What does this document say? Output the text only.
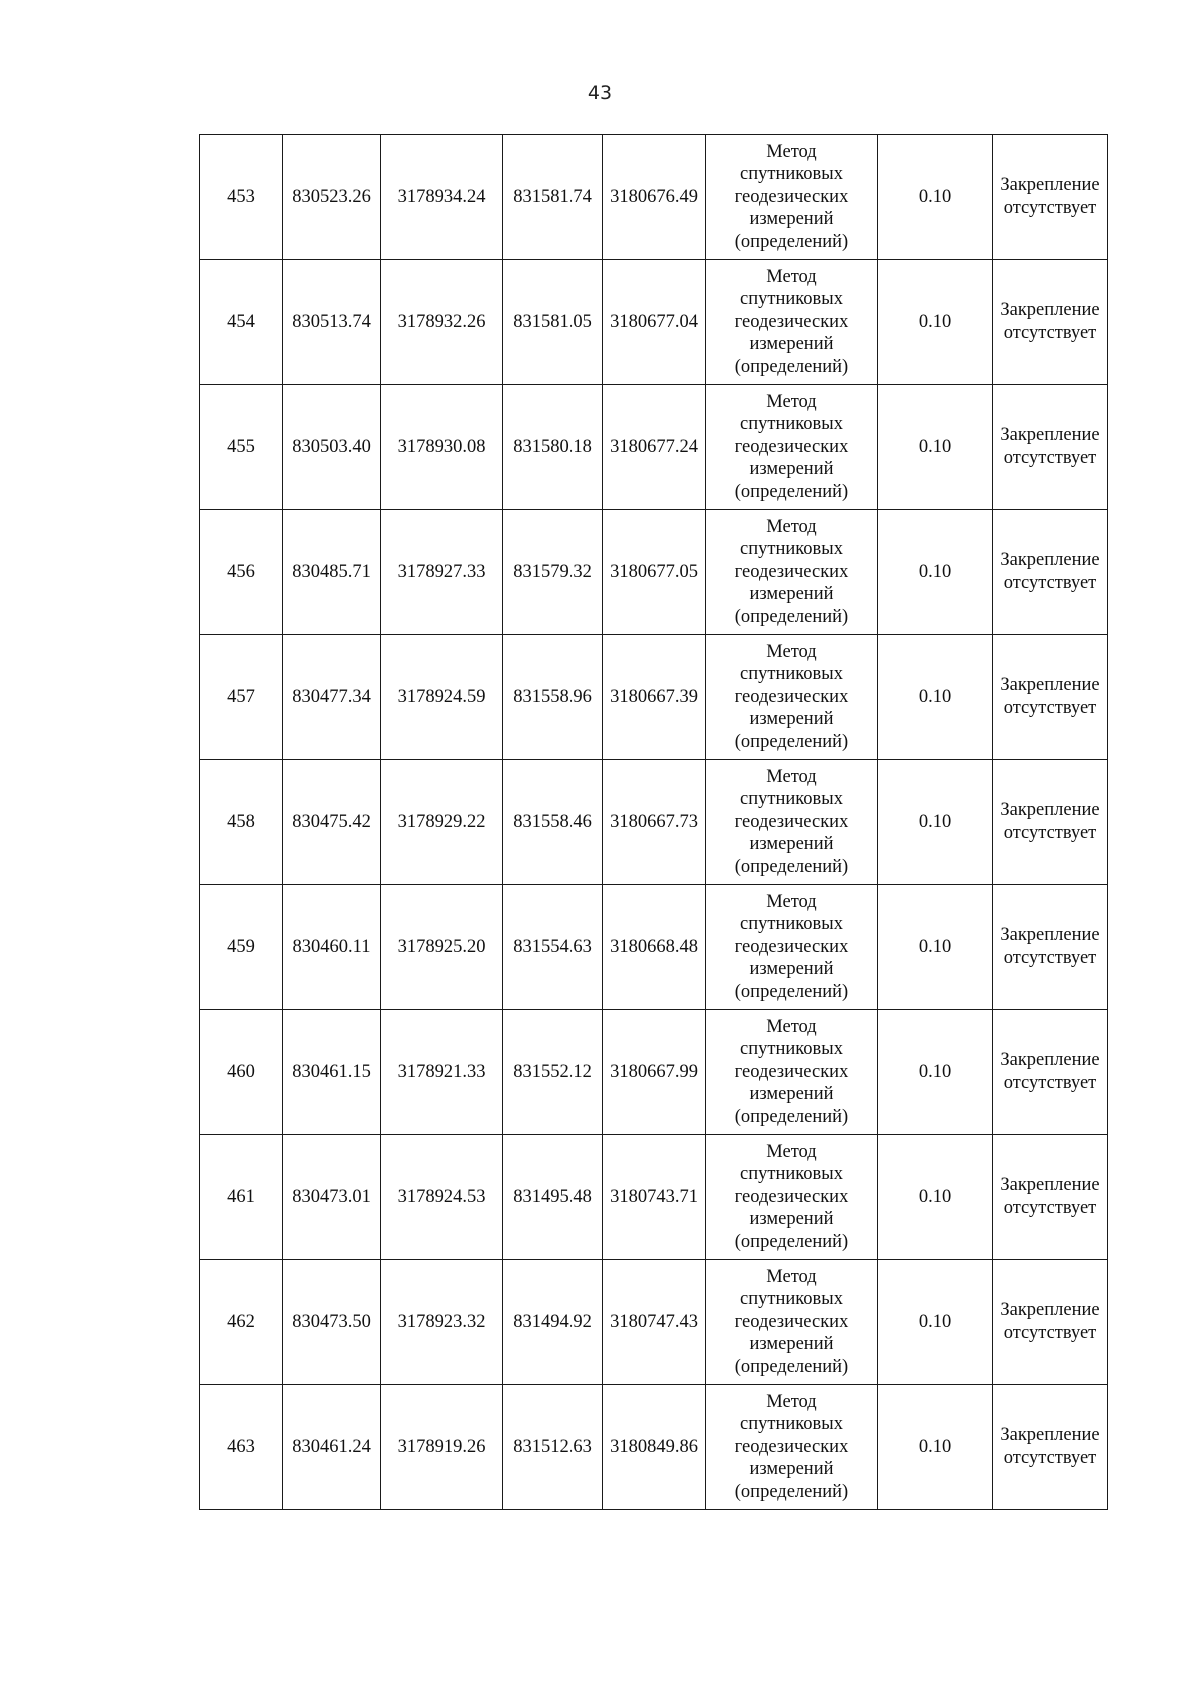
43
453	830523.26	3178934.24	831581.74	3180676.49	Метод
спутниковых
геодезических
измерений
(определений)	0.10	Закрепление
отсутствует

454	830513.74	3178932.26	831581.05	3180677.04	Метод
спутниковых
геодезических
измерений
(определений)	0.10	Закрепление
отсутствует

455	830503.40	3178930.08	831580.18	3180677.24	Метод
спутниковых
геодезических
измерений
(определений)	0.10	Закрепление
отсутствует

456	830485.71	3178927.33	831579.32	3180677.05	Метод
спутниковых
геодезических
измерений
(определений)	0.10	Закрепление
отсутствует

457	830477.34	3178924.59	831558.96	3180667.39	Метод
спутниковых
геодезических
измерений
(определений)	0.10	Закрепление
отсутствует

458	830475.42	3178929.22	831558.46	3180667.73	Метод
спутниковых
геодезических
измерений
(определений)	0.10	Закрепление
отсутствует

459	830460.11	3178925.20	831554.63	3180668.48	Метод
спутниковых
геодезических
измерений
(определений)	0.10	Закрепление
отсутствует

460	830461.15	3178921.33	831552.12	3180667.99	Метод
спутниковых
геодезических
измерений
(определений)	0.10	Закрепление
отсутствует

461	830473.01	3178924.53	831495.48	3180743.71	Метод
спутниковых
геодезических
измерений
(определений)	0.10	Закрепление
отсутствует

462	830473.50	3178923.32	831494.92	3180747.43	Метод
спутниковых
геодезических
измерений
(определений)	0.10	Закрепление
отсутствует

463	830461.24	3178919.26	831512.63	3180849.86	Метод
спутниковых
геодезических
измерений
(определений)	0.10	Закрепление
отсутствует
